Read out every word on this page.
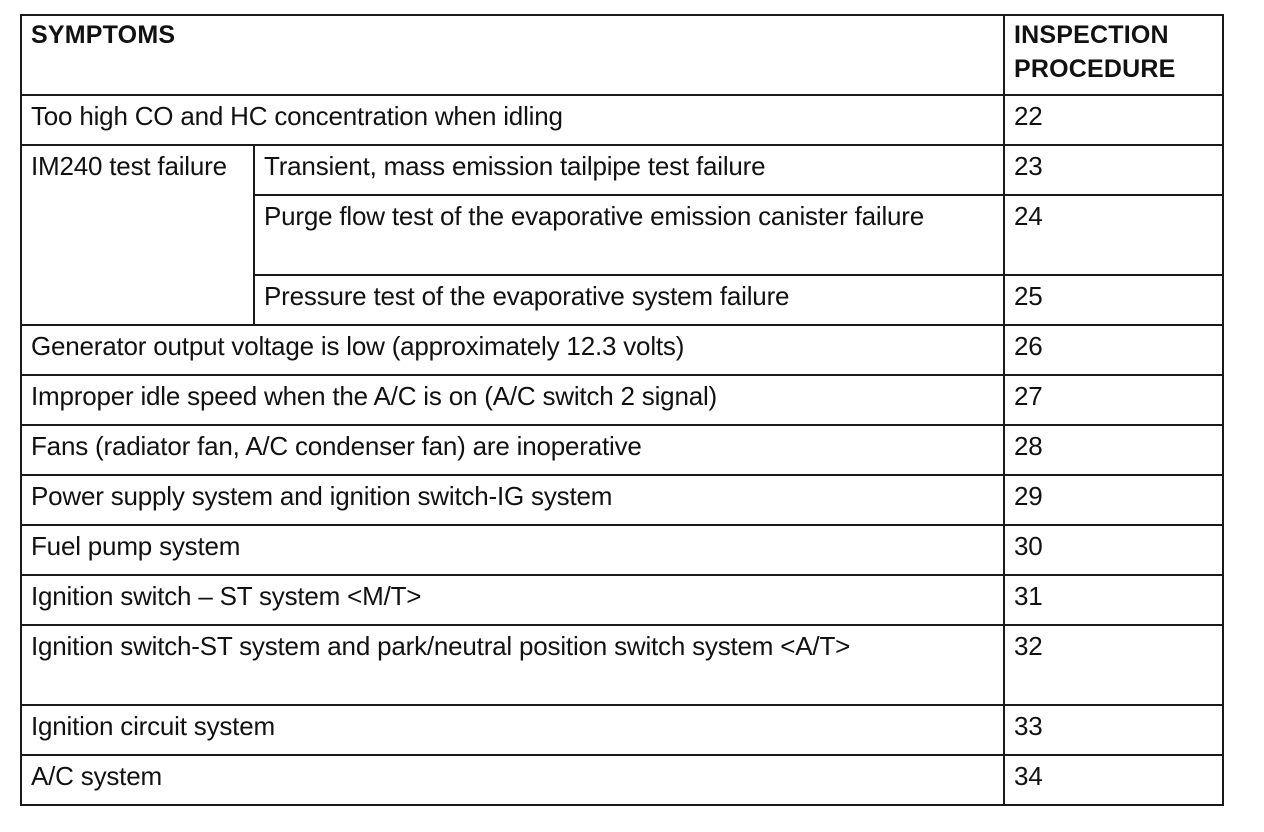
SYMPTOMS		INSPECTION
PROCEDURE

Too high CO and HC concentration when idling		22

IM240 test failure	Transient, mass emission tailpipe test failure	23

	Purge flow test of the evaporative emission canister failure	24

	Pressure test of the evaporative system failure	25

Generator output voltage is low (approximately 12.3 volts)		26

Improper idle speed when the A/C is on (A/C switch 2 signal)		27

Fans (radiator fan, A/C condenser fan) are inoperative		28

Power supply system and ignition switch-IG system		29

Fuel pump system		30

Ignition switch – ST system <M/T>		31

Ignition switch-ST system and park/neutral position switch system <A/T>		32

Ignition circuit system		33

A/C system		34
